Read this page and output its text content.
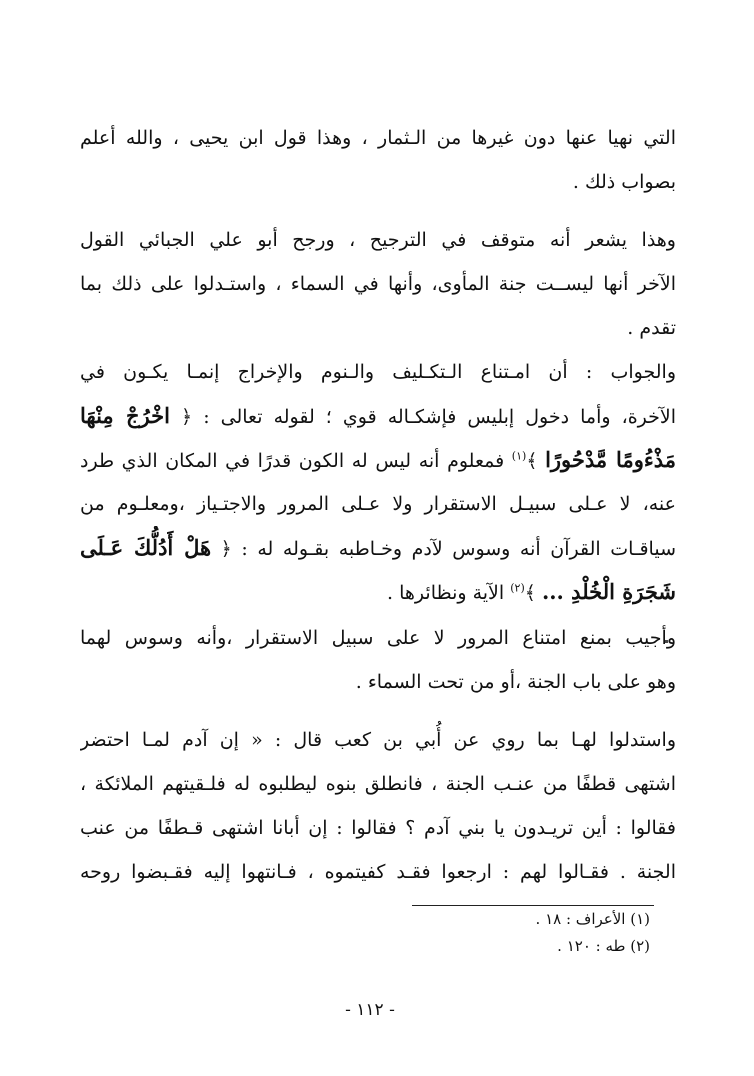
التي نهيا عنها دون غيرها من الـثمار ، وهذا قول ابن يحيى ، والله أعلم
بصواب ذلك .
وهذا يشعر أنه متوقف في الترجيح ، ورجح أبو علي الجبائي القول
الآخر أنها ليســت جنة المأوى، وأنها في السماء ، واستـدلوا على ذلك بما
تقدم .
والجواب : أن امـتناع الـتكـليف والـنوم والإخراج إنمـا يكـون في
الآخرة، وأما دخول إبليس فإشكـاله قوي ؛ لقوله تعالى : ﴿ اخْرُجْ مِنْهَا
مَذْءُومًا مَّدْحُورًا ﴾$^{(١)}$ فمعلوم أنه ليس له الكون قدرًا في المكان الذي طرد
عنه، لا عـلى سبيـل الاستقرار ولا عـلى المرور والاجتـياز ،ومعلـوم من
سياقـات القرآن أنه وسوس لآدم وخـاطبه بقـوله له : ﴿ هَلْ أَدُلُّكَ عَـلَى
شَجَرَةِ الْخُلْدِ ... ﴾$^{(٢)}$ الآية ونظائرها .
وأجيب بمنع امتناع المرور لا على سبيل الاستقرار ،وأنه وسوس لهما
وهو على باب الجنة ،أو من تحت السماء .
واستدلوا لهـا بما روي عن أُبي بن كعب قال : « إن آدم لمـا احتضر
اشتهى قطفًا من عنـب الجنة ، فانطلق بنوه ليطلبوه له فلـقيتهم الملائكة ،
فقالوا : أين تريـدون يا بني آدم ؟ فقالوا : إن أبانا اشتهى قـطفًا من عنب
الجنة . فقـالوا لهم : ارجعوا فقـد كفيتموه ، فـانتهوا إليه فقـبضوا روحه
(١) الأعراف : ١٨ .
(٢) طه : ١٢٠ .
- ١١٢ -
